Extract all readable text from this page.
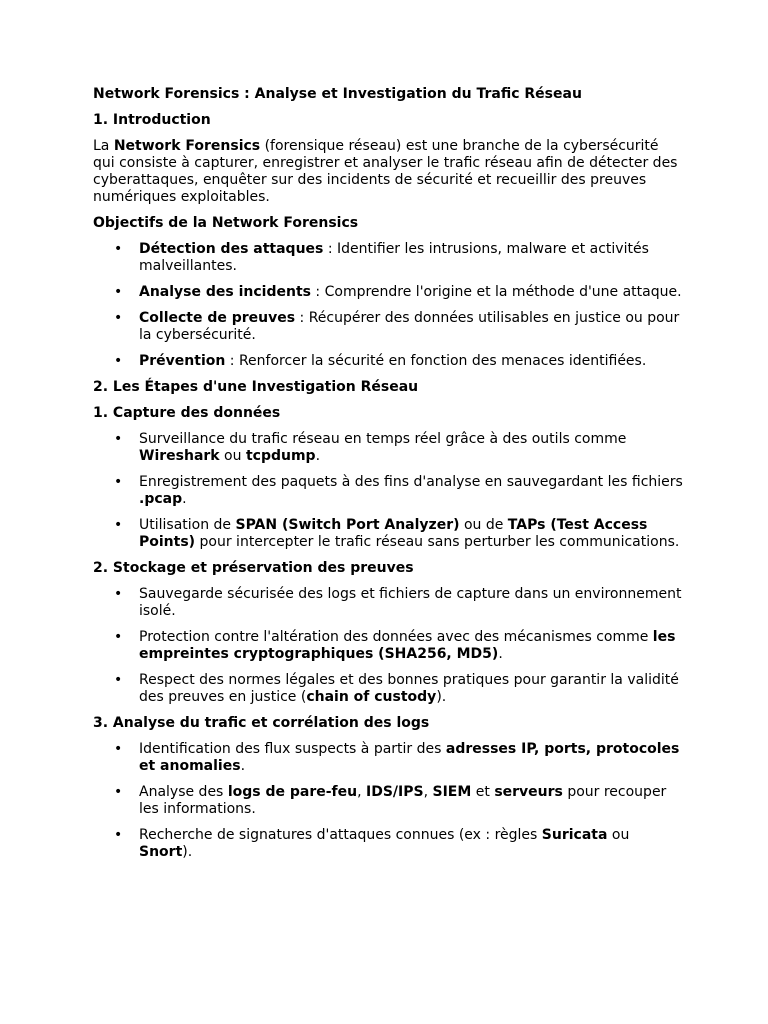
Network Forensics : Analyse et Investigation du Trafic Réseau

1. Introduction

La Network Forensics (forensique réseau) est une branche de la cybersécurité qui consiste à capturer, enregistrer et analyser le trafic réseau afin de détecter des cyberattaques, enquêter sur des incidents de sécurité et recueillir des preuves numériques exploitables.

Objectifs de la Network Forensics

• Détection des attaques : Identifier les intrusions, malware et activités malveillantes.
• Analyse des incidents : Comprendre l'origine et la méthode d'une attaque.
• Collecte de preuves : Récupérer des données utilisables en justice ou pour la cybersécurité.
• Prévention : Renforcer la sécurité en fonction des menaces identifiées.

2. Les Étapes d'une Investigation Réseau

1. Capture des données

• Surveillance du trafic réseau en temps réel grâce à des outils comme Wireshark ou tcpdump.
• Enregistrement des paquets à des fins d'analyse en sauvegardant les fichiers .pcap.
• Utilisation de SPAN (Switch Port Analyzer) ou de TAPs (Test Access Points) pour intercepter le trafic réseau sans perturber les communications.

2. Stockage et préservation des preuves

• Sauvegarde sécurisée des logs et fichiers de capture dans un environnement isolé.
• Protection contre l'altération des données avec des mécanismes comme les empreintes cryptographiques (SHA256, MD5).
• Respect des normes légales et des bonnes pratiques pour garantir la validité des preuves en justice (chain of custody).

3. Analyse du trafic et corrélation des logs

• Identification des flux suspects à partir des adresses IP, ports, protocoles et anomalies.
• Analyse des logs de pare-feu, IDS/IPS, SIEM et serveurs pour recouper les informations.
• Recherche de signatures d'attaques connues (ex : règles Suricata ou Snort).
